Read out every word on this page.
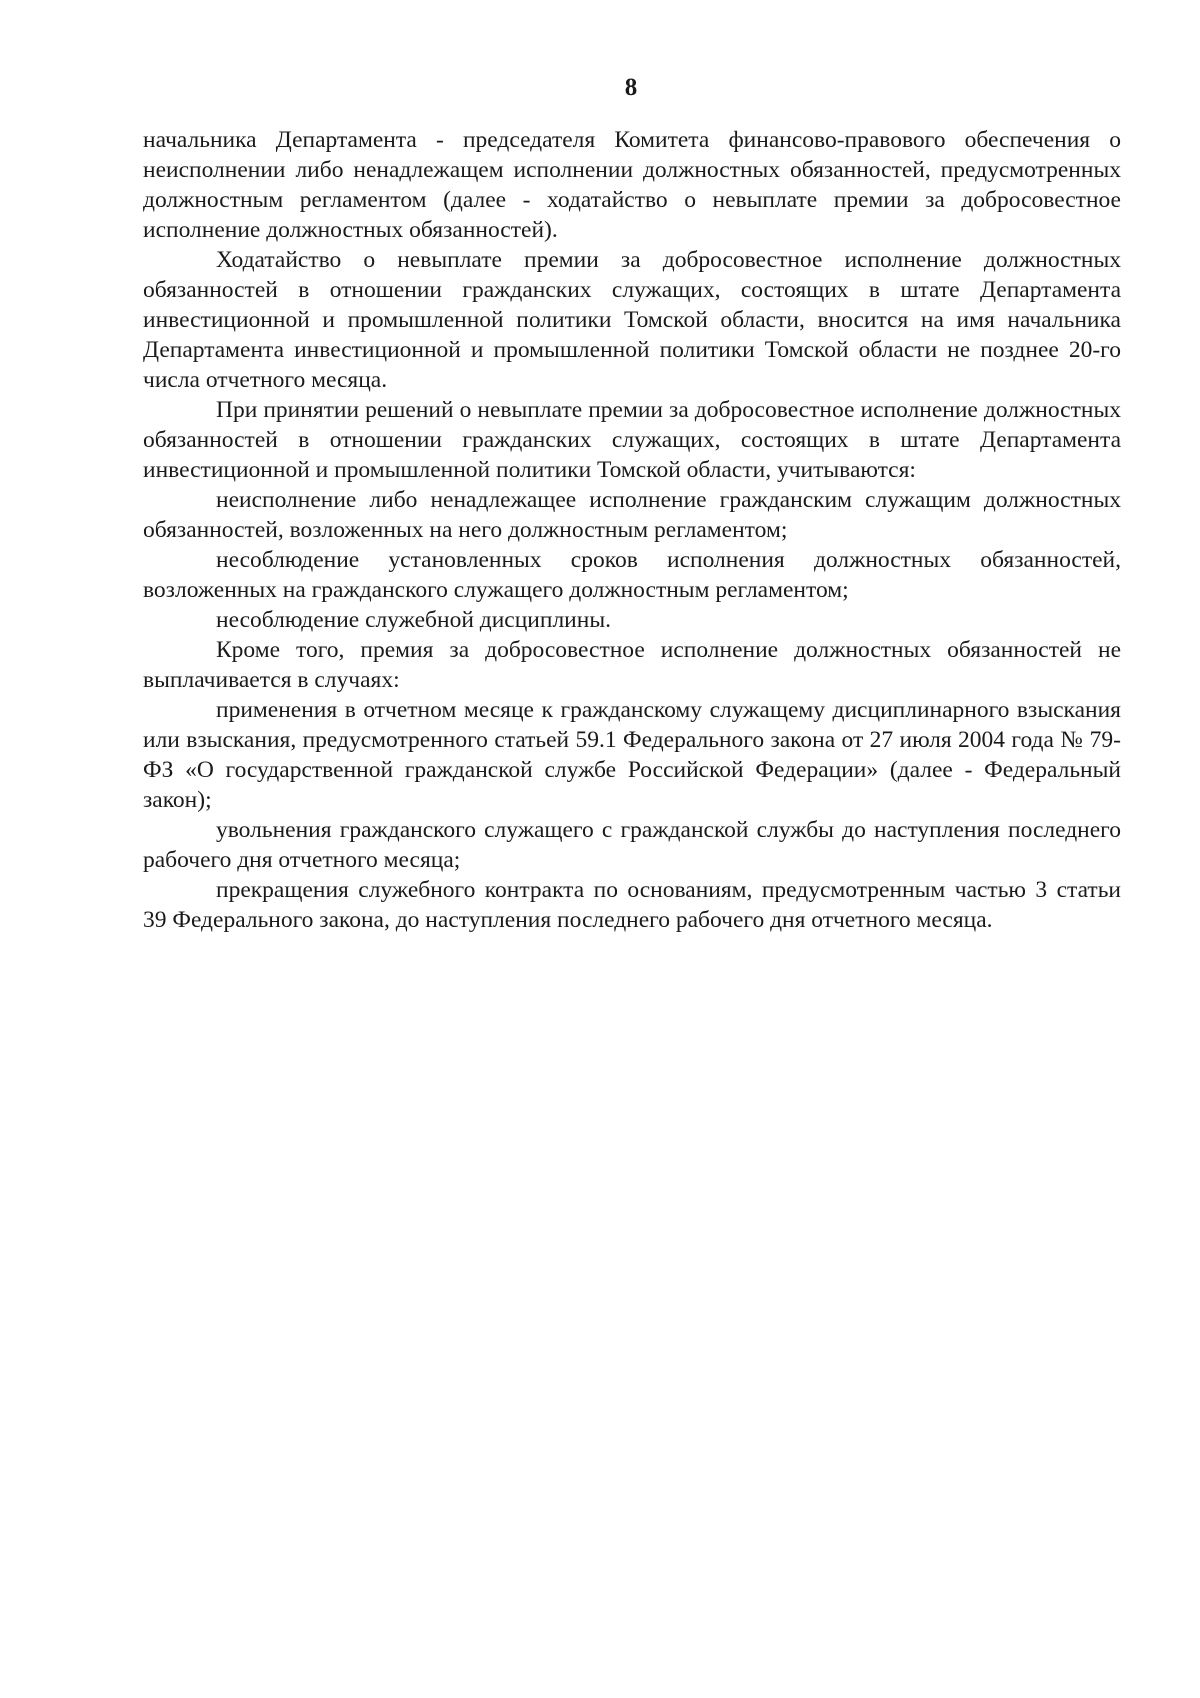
8

начальника Департамента - председателя Комитета финансово-правового обеспечения о неисполнении либо ненадлежащем исполнении должностных обязанностей, предусмотренных должностным регламентом (далее - ходатайство о невыплате премии за добросовестное исполнение должностных обязанностей).

Ходатайство о невыплате премии за добросовестное исполнение должностных обязанностей в отношении гражданских служащих, состоящих в штате Департамента инвестиционной и промышленной политики Томской области, вносится на имя начальника Департамента инвестиционной и промышленной политики Томской области не позднее 20-го числа отчетного месяца.

При принятии решений о невыплате премии за добросовестное исполнение должностных обязанностей в отношении гражданских служащих, состоящих в штате Департамента инвестиционной и промышленной политики Томской области, учитываются:

неисполнение либо ненадлежащее исполнение гражданским служащим должностных обязанностей, возложенных на него должностным регламентом;

несоблюдение установленных сроков исполнения должностных обязанностей, возложенных на гражданского служащего должностным регламентом;

несоблюдение служебной дисциплины.

Кроме того, премия за добросовестное исполнение должностных обязанностей не выплачивается в случаях:

применения в отчетном месяце к гражданскому служащему дисциплинарного взыскания или взыскания, предусмотренного статьей 59.1 Федерального закона от 27 июля 2004 года № 79-ФЗ «О государственной гражданской службе Российской Федерации» (далее - Федеральный закон);

увольнения гражданского служащего с гражданской службы до наступления последнего рабочего дня отчетного месяца;

прекращения служебного контракта по основаниям, предусмотренным частью 3 статьи 39 Федерального закона, до наступления последнего рабочего дня отчетного месяца.
